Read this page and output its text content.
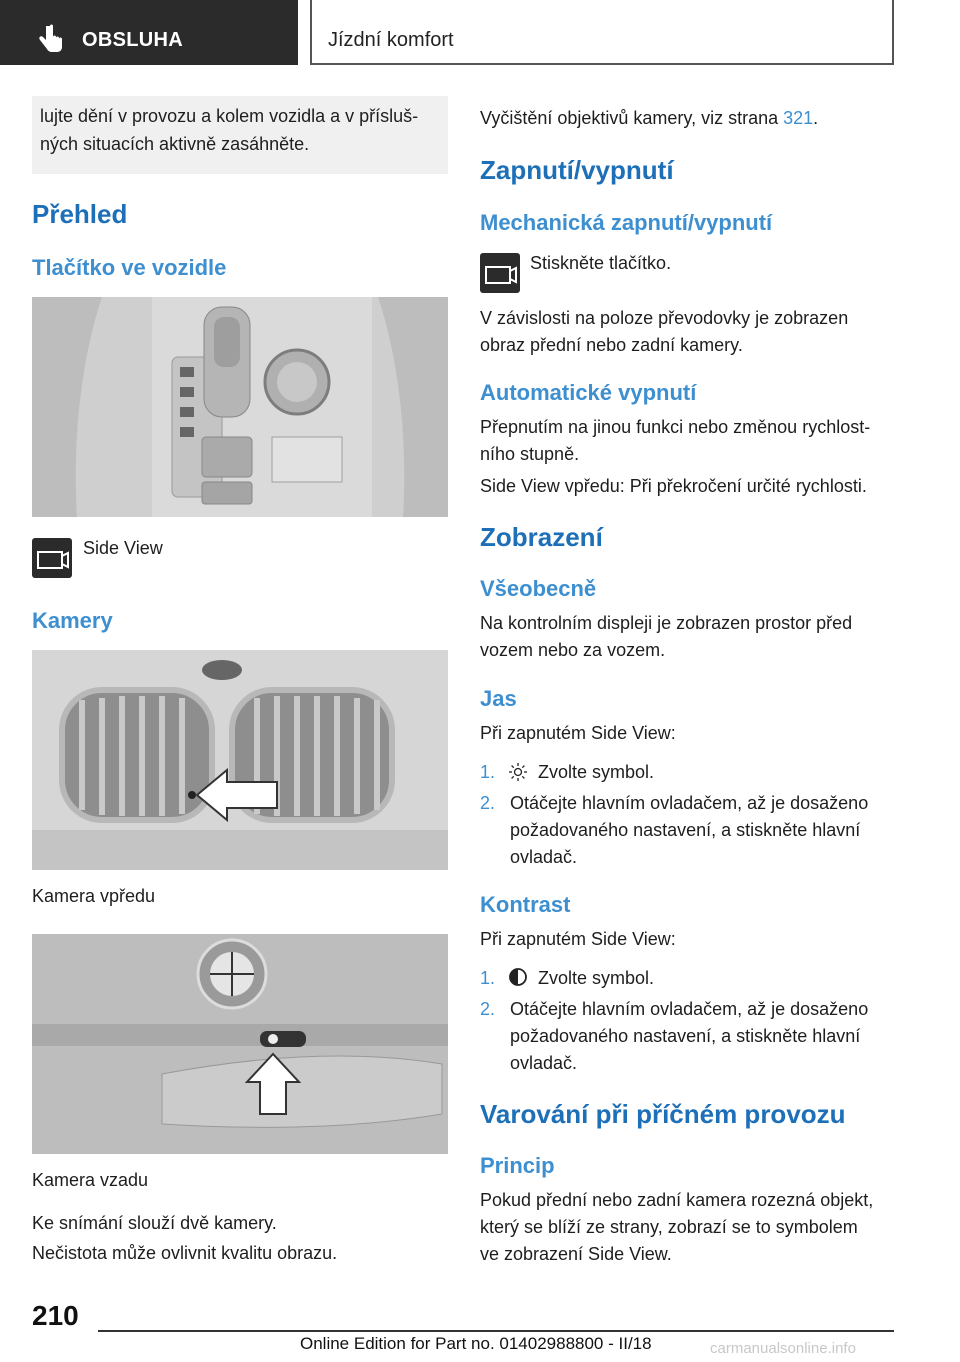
OBSLUHA	Jízdní komfort

lujte dění v provozu a kolem vozidla a v přísluš-
ných situacích aktivně zasáhněte.

Přehled
Tlačítko ve vozidle
Side View
Kamery
Kamera vpředu
Kamera vzadu
Ke snímání slouží dvě kamery.
Nečistota může ovlivnit kvalitu obrazu.
Vyčištění objektivů kamery, viz strana 321.
Zapnutí/vypnutí
Mechanická zapnutí/vypnutí
Stiskněte tlačítko.
V závislosti na poloze převodovky je zobrazen
obraz přední nebo zadní kamery.
Automatické vypnutí
Přepnutím na jinou funkci nebo změnou rychlost-
ního stupně.
Side View vpředu: Při překročení určité rychlosti.
Zobrazení
Všeobecně
Na kontrolním displeji je zobrazen prostor před
vozem nebo za vozem.
Jas
Při zapnutém Side View:
1. Zvolte symbol.
2. Otáčejte hlavním ovladačem, až je dosaženo
požadovaného nastavení, a stiskněte hlavní
ovladač.
Kontrast
Při zapnutém Side View:
1. Zvolte symbol.
2. Otáčejte hlavním ovladačem, až je dosaženo
požadovaného nastavení, a stiskněte hlavní
ovladač.
Varování při příčném provozu
Princip
Pokud přední nebo zadní kamera rozezná objekt,
který se blíží ze strany, zobrazí se to symbolem
ve zobrazení Side View.
210
Online Edition for Part no. 01402988800 - II/18	carmanualsonline.info
